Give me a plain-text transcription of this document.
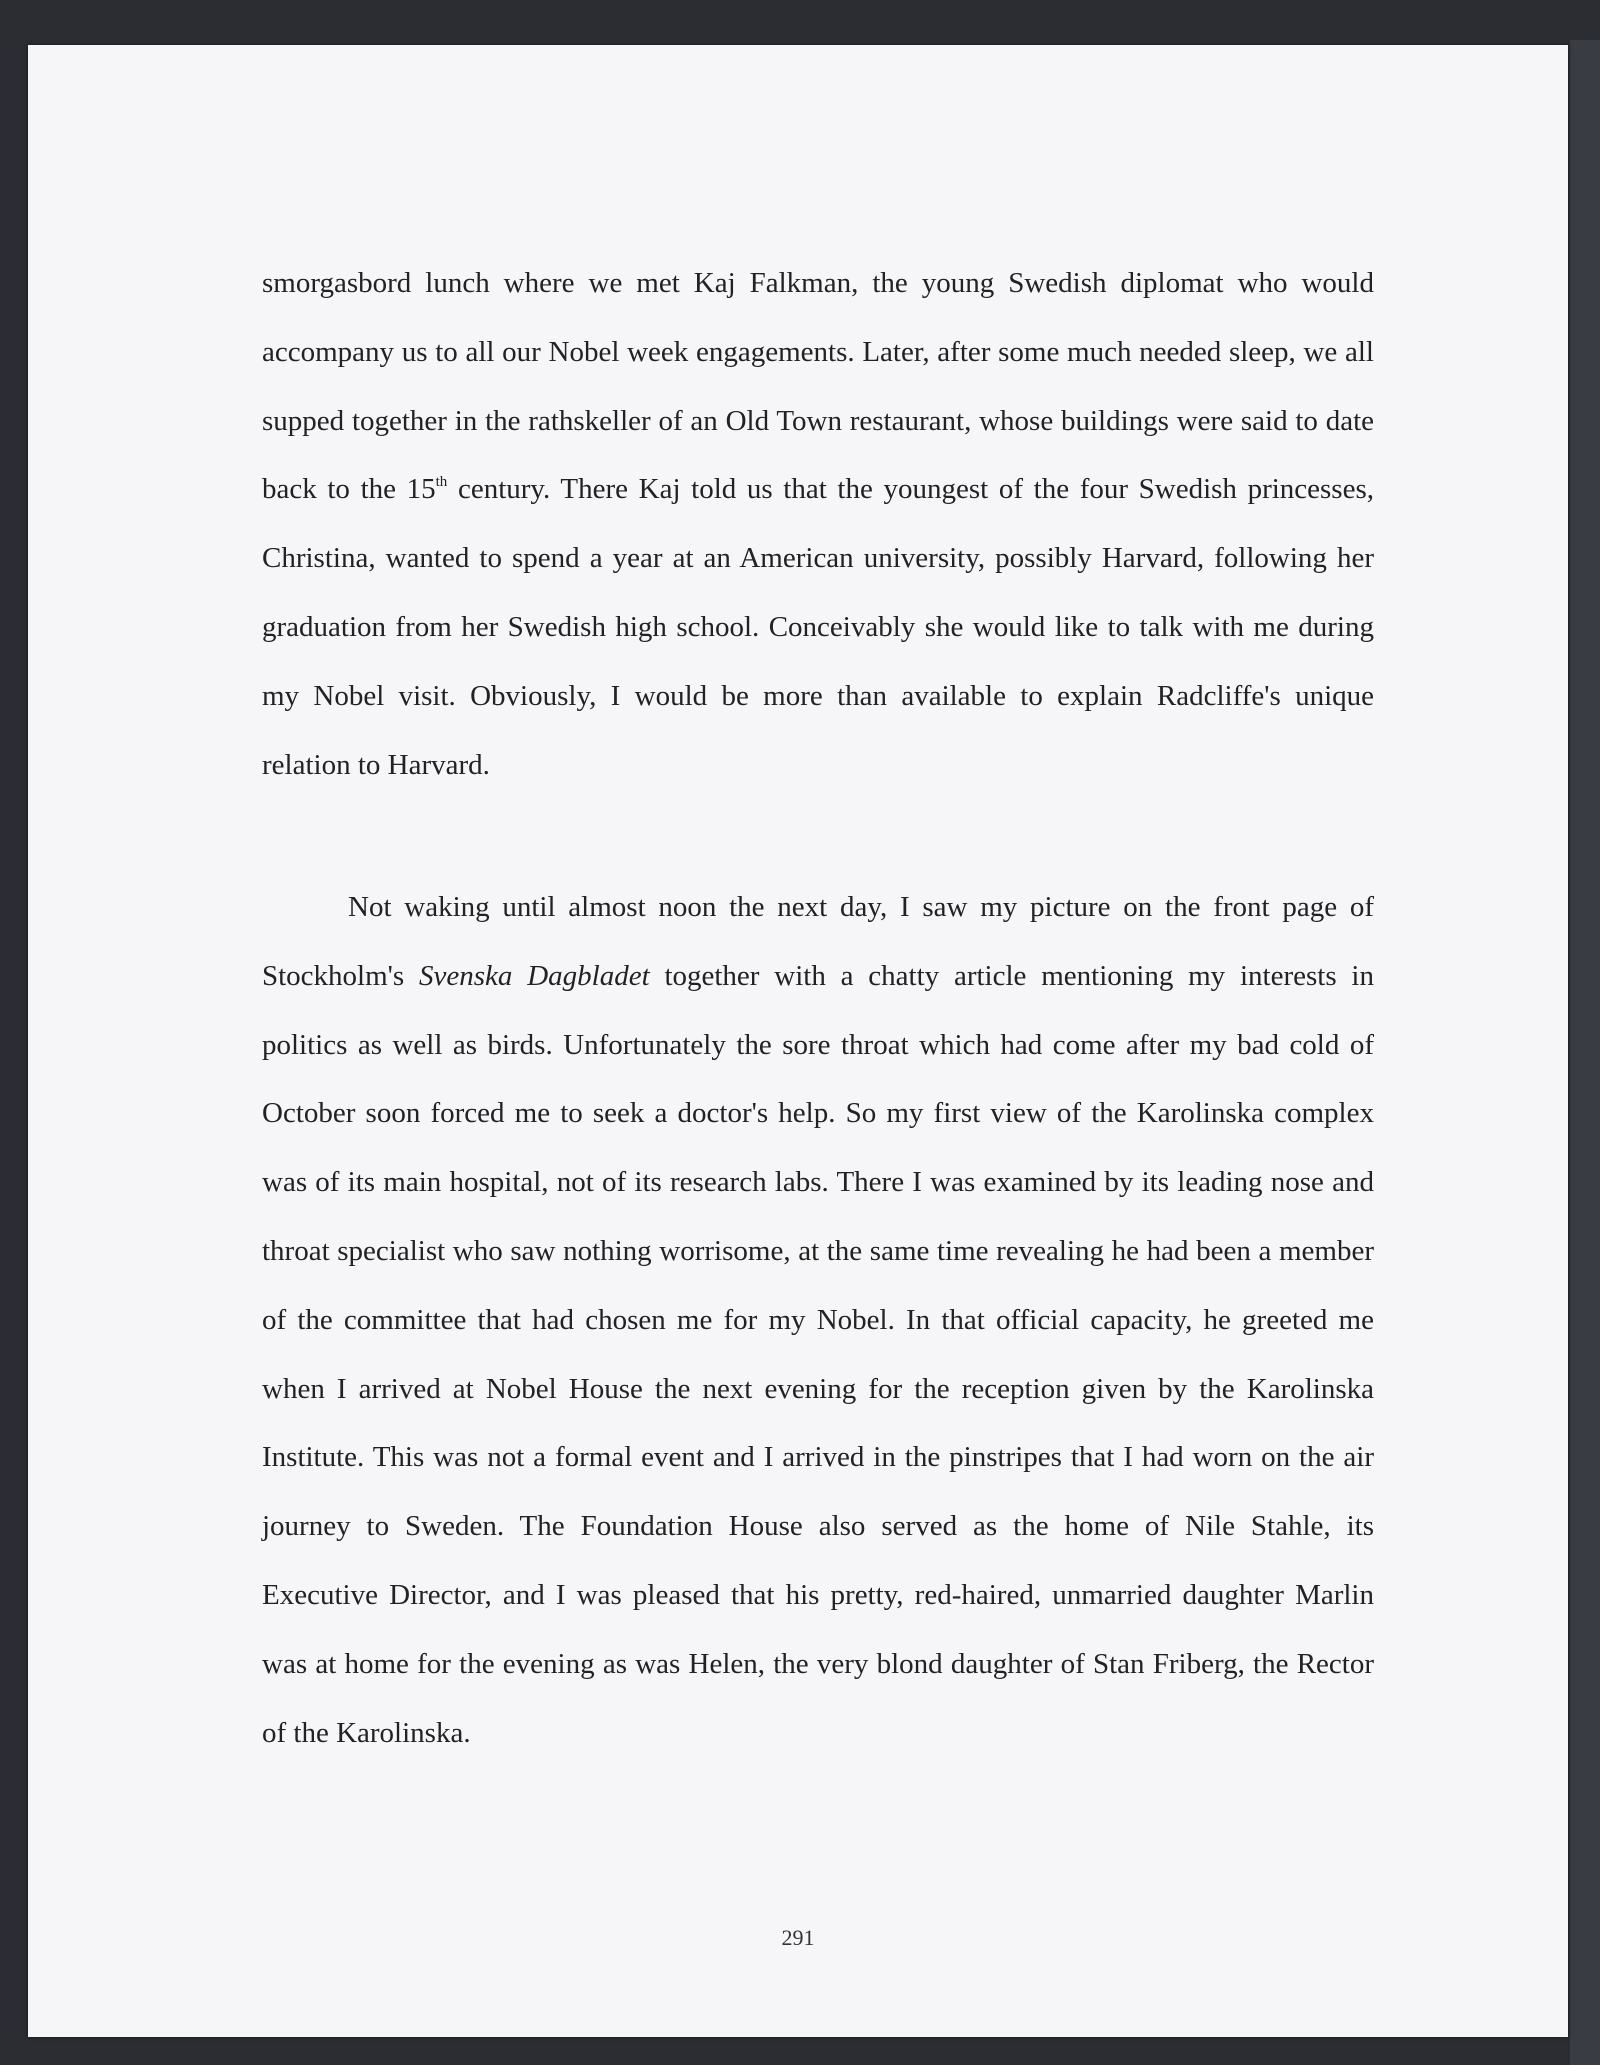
smorgasbord lunch where we met Kaj Falkman, the young Swedish diplomat who would accompany us to all our Nobel week engagements. Later, after some much needed sleep, we all supped together in the rathskeller of an Old Town restaurant, whose buildings were said to date back to the 15th century. There Kaj told us that the youngest of the four Swedish princesses, Christina, wanted to spend a year at an American university, possibly Harvard, following her graduation from her Swedish high school. Conceivably she would like to talk with me during my Nobel visit. Obviously, I would be more than available to explain Radcliffe's unique relation to Harvard.

Not waking until almost noon the next day, I saw my picture on the front page of Stockholm's Svenska Dagbladet together with a chatty article mentioning my interests in politics as well as birds. Unfortunately the sore throat which had come after my bad cold of October soon forced me to seek a doctor's help. So my first view of the Karolinska complex was of its main hospital, not of its research labs. There I was examined by its leading nose and throat specialist who saw nothing worrisome, at the same time revealing he had been a member of the committee that had chosen me for my Nobel. In that official capacity, he greeted me when I arrived at Nobel House the next evening for the reception given by the Karolinska Institute. This was not a formal event and I arrived in the pinstripes that I had worn on the air journey to Sweden. The Foundation House also served as the home of Nile Stahle, its Executive Director, and I was pleased that his pretty, red-haired, unmarried daughter Marlin was at home for the evening as was Helen, the very blond daughter of Stan Friberg, the Rector of the Karolinska.

291
